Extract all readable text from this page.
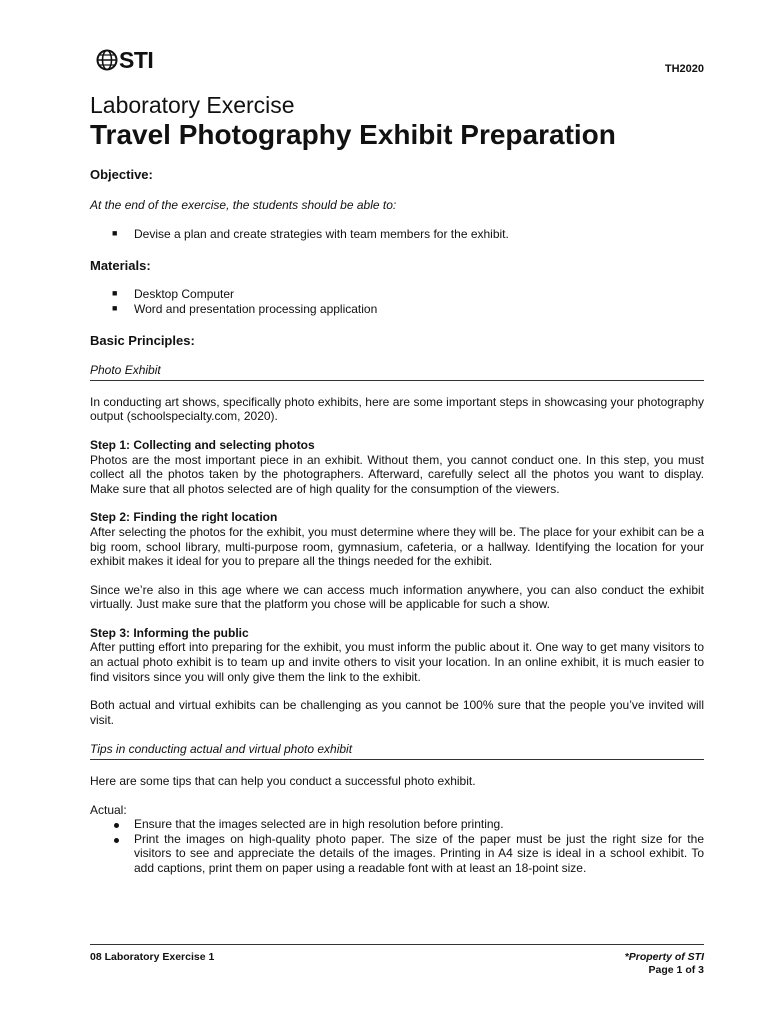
STI	TH2020
Laboratory Exercise
Travel Photography Exhibit Preparation

Objective:

At the end of the exercise, the students should be able to:

■ Devise a plan and create strategies with team members for the exhibit.

Materials:

■ Desktop Computer
■ Word and presentation processing application

Basic Principles:

Photo Exhibit

In conducting art shows, specifically photo exhibits, here are some important steps in showcasing your photography output (schoolspecialty.com, 2020).

Step 1: Collecting and selecting photos

Photos are the most important piece in an exhibit. Without them, you cannot conduct one. In this step, you must collect all the photos taken by the photographers. Afterward, carefully select all the photos you want to display. Make sure that all photos selected are of high quality for the consumption of the viewers.

Step 2: Finding the right location

After selecting the photos for the exhibit, you must determine where they will be. The place for your exhibit can be a big room, school library, multi-purpose room, gymnasium, cafeteria, or a hallway. Identifying the location for your exhibit makes it ideal for you to prepare all the things needed for the exhibit.

Since we’re also in this age where we can access much information anywhere, you can also conduct the exhibit virtually. Just make sure that the platform you chose will be applicable for such a show.

Step 3: Informing the public

After putting effort into preparing for the exhibit, you must inform the public about it. One way to get many visitors to an actual photo exhibit is to team up and invite others to visit your location. In an online exhibit, it is much easier to find visitors since you will only give them the link to the exhibit.

Both actual and virtual exhibits can be challenging as you cannot be 100% sure that the people you’ve invited will visit.

Tips in conducting actual and virtual photo exhibit

Here are some tips that can help you conduct a successful photo exhibit.

Actual:

Ensure that the images selected are in high resolution before printing.
Print the images on high-quality photo paper. The size of the paper must be just the right size for the visitors to see and appreciate the details of the images. Printing in A4 size is ideal in a school exhibit. To add captions, print them on paper using a readable font with at least an 18-point size.
08 Laboratory Exercise 1	*Property of STI
Page 1 of 3
